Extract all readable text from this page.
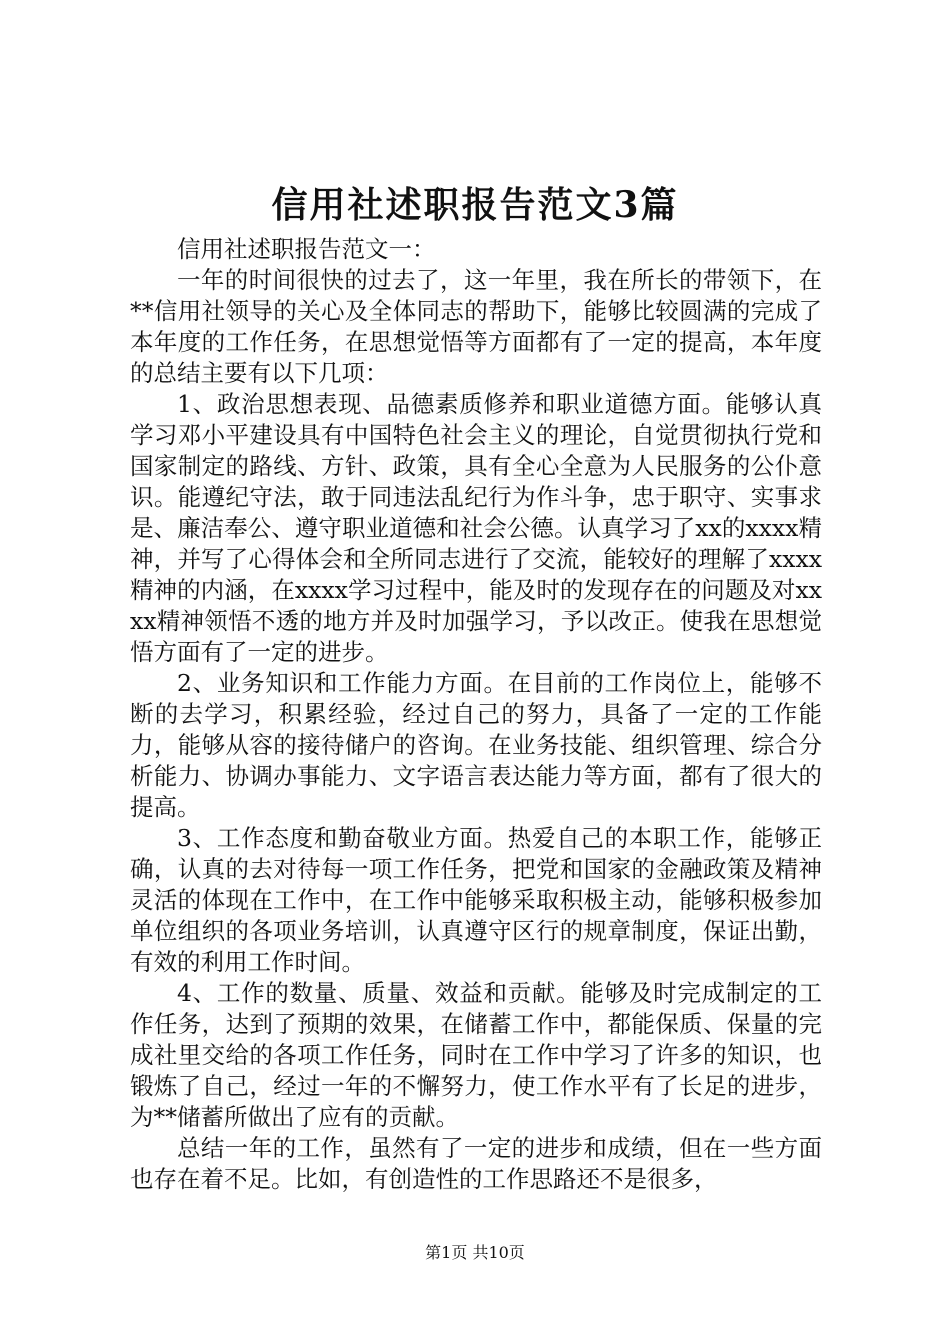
信用社述职报告范文3篇

信用社述职报告范文一：

一年的时间很快的过去了，这一年里，我在所长的带领下，在**信用社领导的关心及全体同志的帮助下，能够比较圆满的完成了本年度的工作任务，在思想觉悟等方面都有了一定的提高，本年度的总结主要有以下几项：

1、政治思想表现、品德素质修养和职业道德方面。能够认真学习邓小平建设具有中国特色社会主义的理论，自觉贯彻执行党和国家制定的路线、方针、政策，具有全心全意为人民服务的公仆意识。能遵纪守法，敢于同违法乱纪行为作斗争，忠于职守、实事求是、廉洁奉公、遵守职业道德和社会公德。认真学习了xx的xxxx精神，并写了心得体会和全所同志进行了交流，能较好的理解了xxxx精神的内涵，在xxxx学习过程中，能及时的发现存在的问题及对xxxx精神领悟不透的地方并及时加强学习，予以改正。使我在思想觉悟方面有了一定的进步。

2、业务知识和工作能力方面。在目前的工作岗位上，能够不断的去学习，积累经验，经过自己的努力，具备了一定的工作能力，能够从容的接待储户的咨询。在业务技能、组织管理、综合分析能力、协调办事能力、文字语言表达能力等方面，都有了很大的提高。

3、工作态度和勤奋敬业方面。热爱自己的本职工作，能够正确，认真的去对待每一项工作任务，把党和国家的金融政策及精神灵活的体现在工作中，在工作中能够采取积极主动，能够积极参加单位组织的各项业务培训，认真遵守区行的规章制度，保证出勤，有效的利用工作时间。

4、工作的数量、质量、效益和贡献。能够及时完成制定的工作任务，达到了预期的效果，在储蓄工作中，都能保质、保量的完成社里交给的各项工作任务，同时在工作中学习了许多的知识，也锻炼了自己，经过一年的不懈努力，使工作水平有了长足的进步，为**储蓄所做出了应有的贡献。

总结一年的工作，虽然有了一定的进步和成绩，但在一些方面也存在着不足。比如，有创造性的工作思路还不是很多，

第1页 共10页
